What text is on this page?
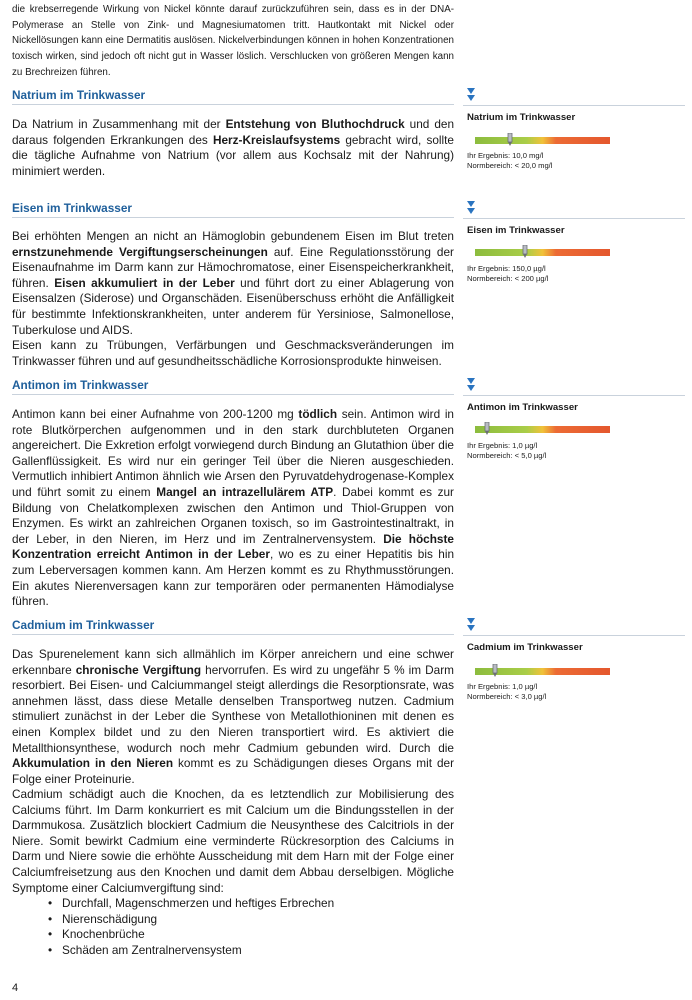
die krebserregende Wirkung von Nickel könnte darauf zurückzuführen sein, dass es in der DNA-Polymerase an Stelle von Zink- und Magnesiumatomen tritt. Hautkontakt mit Nickel oder Nickellösungen kann eine Dermatitis auslösen. Nickelverbindungen können in hohen Konzentrationen toxisch wirken, sind jedoch oft nicht gut in Wasser löslich. Verschlucken von größeren Mengen kann zu Brechreizen führen.

Natrium im Trinkwasser

Da Natrium in Zusammenhang mit der Entstehung von Bluthochdruck und den daraus folgenden Erkrankungen des Herz-Kreislaufsystems gebracht wird, sollte die tägliche Aufnahme von Natrium (vor allem aus Kochsalz mit der Nahrung) minimiert werden.

Natrium im Trinkwasser
Ihr Ergebnis: 10,0 mg/l
Normbereich: < 20,0 mg/l
Eisen im Trinkwasser

Bei erhöhten Mengen an nicht an Hämoglobin gebundenem Eisen im Blut treten ernstzunehmende Vergiftungserscheinungen auf. Eine Regulationsstörung der Eisenaufnahme im Darm kann zur Hämochromatose, einer Eisenspeicherkrankheit, führen. Eisen akkumuliert in der Leber und führt dort zu einer Ablagerung von Eisensalzen (Siderose) und Organschäden. Eisenüberschuss erhöht die Anfälligkeit für bestimmte Infektionskrankheiten, unter anderem für Yersiniose, Salmonellose, Tuberkulose und AIDS.

Eisen kann zu Trübungen, Verfärbungen und Geschmacksveränderungen im Trinkwasser führen und auf gesundheitsschädliche Korrosionsprodukte hinweisen.

Eisen im Trinkwasser
Ihr Ergebnis: 150,0 µg/l
Normbereich: < 200 µg/l
Antimon im Trinkwasser

Antimon kann bei einer Aufnahme von 200-1200 mg tödlich sein. Antimon wird in rote Blutkörperchen aufgenommen und in den stark durchbluteten Organen angereichert. Die Exkretion erfolgt vorwiegend durch Bindung an Glutathion über die Gallenflüssigkeit. Es wird nur ein geringer Teil über die Nieren ausgeschieden. Vermutlich inhibiert Antimon ähnlich wie Arsen den Pyruvatdehydrogenase-Komplex und führt somit zu einem Mangel an intrazellulärem ATP. Dabei kommt es zur Bildung von Chelatkomplexen zwischen den Antimon und Thiol-Gruppen von Enzymen. Es wirkt an zahlreichen Organen toxisch, so im Gastrointestinaltrakt, in der Leber, in den Nieren, im Herz und im Zentralnervensystem. Die höchste Konzentration erreicht Antimon in der Leber, wo es zu einer Hepatitis bis hin zum Leberversagen kommen kann. Am Herzen kommt es zu Rhythmusstörungen. Ein akutes Nierenversagen kann zur temporären oder permanenten Hämodialyse führen.

Antimon im Trinkwasser
Ihr Ergebnis: 1,0 µg/l
Normbereich: < 5,0 µg/l
Cadmium im Trinkwasser

Das Spurenelement kann sich allmählich im Körper anreichern und eine schwer erkennbare chronische Vergiftung hervorrufen. Es wird zu ungefähr 5 % im Darm resorbiert. Bei Eisen- und Calciummangel steigt allerdings die Resorptionsrate, was annehmen lässt, dass diese Metalle denselben Transportweg nutzen. Cadmium stimuliert zunächst in der Leber die Synthese von Metallothioninen mit denen es einen Komplex bildet und zu den Nieren transportiert wird. Es aktiviert die Metallthionsynthese, wodurch noch mehr Cadmium gebunden wird. Durch die Akkumulation in den Nieren kommt es zu Schädigungen dieses Organs mit der Folge einer Proteinurie.

Cadmium schädigt auch die Knochen, da es letztendlich zur Mobilisierung des Calciums führt. Im Darm konkurriert es mit Calcium um die Bindungsstellen in der Darmmukosa. Zusätzlich blockiert Cadmium die Neusynthese des Calcitriols in der Niere. Somit bewirkt Cadmium eine verminderte Rückresorption des Calciums in Darm und Niere sowie die erhöhte Ausscheidung mit dem Harn mit der Folge einer Calciumfreisetzung aus den Knochen und damit dem Abbau derselbigen. Mögliche Symptome einer Calciumvergiftung sind:

• Durchfall, Magenschmerzen und heftiges Erbrechen
• Nierenschädigung
• Knochenbrüche
• Schäden am Zentralnervensystem
Cadmium im Trinkwasser
Ihr Ergebnis: 1,0 µg/l
Normbereich: < 3,0 µg/l
4
